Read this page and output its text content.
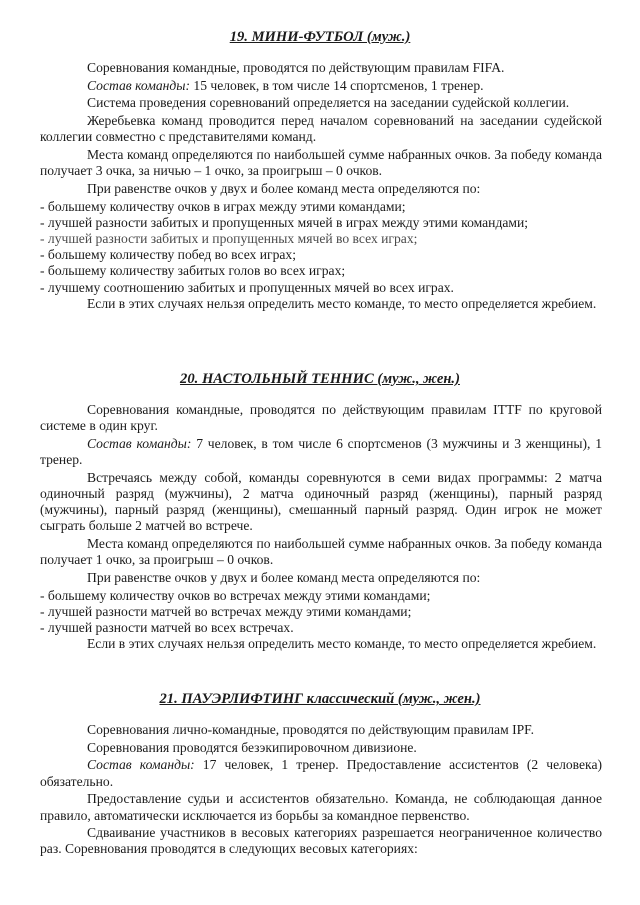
19. МИНИ-ФУТБОЛ (муж.)

Соревнования командные, проводятся по действующим правилам FIFA.

Состав команды: 15 человек, в том числе 14 спортсменов, 1 тренер.

Система проведения соревнований определяется на заседании судейской коллегии.

Жеребьевка команд проводится перед началом соревнований на заседании судейской коллегии совместно с представителями команд.

Места команд определяются по наибольшей сумме набранных очков. За победу команда получает 3 очка, за ничью – 1 очко, за проигрыш – 0 очков.

При равенстве очков у двух и более команд места определяются по:

- большему количеству очков в играх между этими командами;

- лучшей разности забитых и пропущенных мячей в играх между этими командами;

- лучшей разности забитых и пропущенных мячей во всех играх;

- большему количеству побед во всех играх;

- большему количеству забитых голов во всех играх;

- лучшему соотношению забитых и пропущенных мячей во всех играх.

Если в этих случаях нельзя определить место команде, то место определяется жребием.

20. НАСТОЛЬНЫЙ ТЕННИС (муж., жен.)

Соревнования командные, проводятся по действующим правилам ITTF по круговой системе в один круг.

Состав команды: 7 человек, в том числе 6 спортсменов (3 мужчины и 3 женщины), 1 тренер.

Встречаясь между собой, команды соревнуются в семи видах программы: 2 матча одиночный разряд (мужчины), 2 матча одиночный разряд (женщины), парный разряд (мужчины), парный разряд (женщины), смешанный парный разряд. Один игрок не может сыграть больше 2 матчей во встрече.

Места команд определяются по наибольшей сумме набранных очков. За победу команда получает 1 очко, за проигрыш – 0 очков.

При равенстве очков у двух и более команд места определяются по:

- большему количеству очков во встречах между этими командами;

- лучшей разности матчей во встречах между этими командами;

- лучшей разности матчей во всех встречах.

Если в этих случаях нельзя определить место команде, то место определяется жребием.

21. ПАУЭРЛИФТИНГ классический (муж., жен.)

Соревнования лично-командные, проводятся по действующим правилам IPF.

Соревнования проводятся безэкипировочном дивизионе.

Состав команды: 17 человек, 1 тренер. Предоставление ассистентов (2 человека) обязательно.

Предоставление судьи и ассистентов обязательно. Команда, не соблюдающая данное правило, автоматически исключается из борьбы за командное первенство.

Сдваивание участников в весовых категориях разрешается неограниченное количество раз. Соревнования проводятся в следующих весовых категориях:
